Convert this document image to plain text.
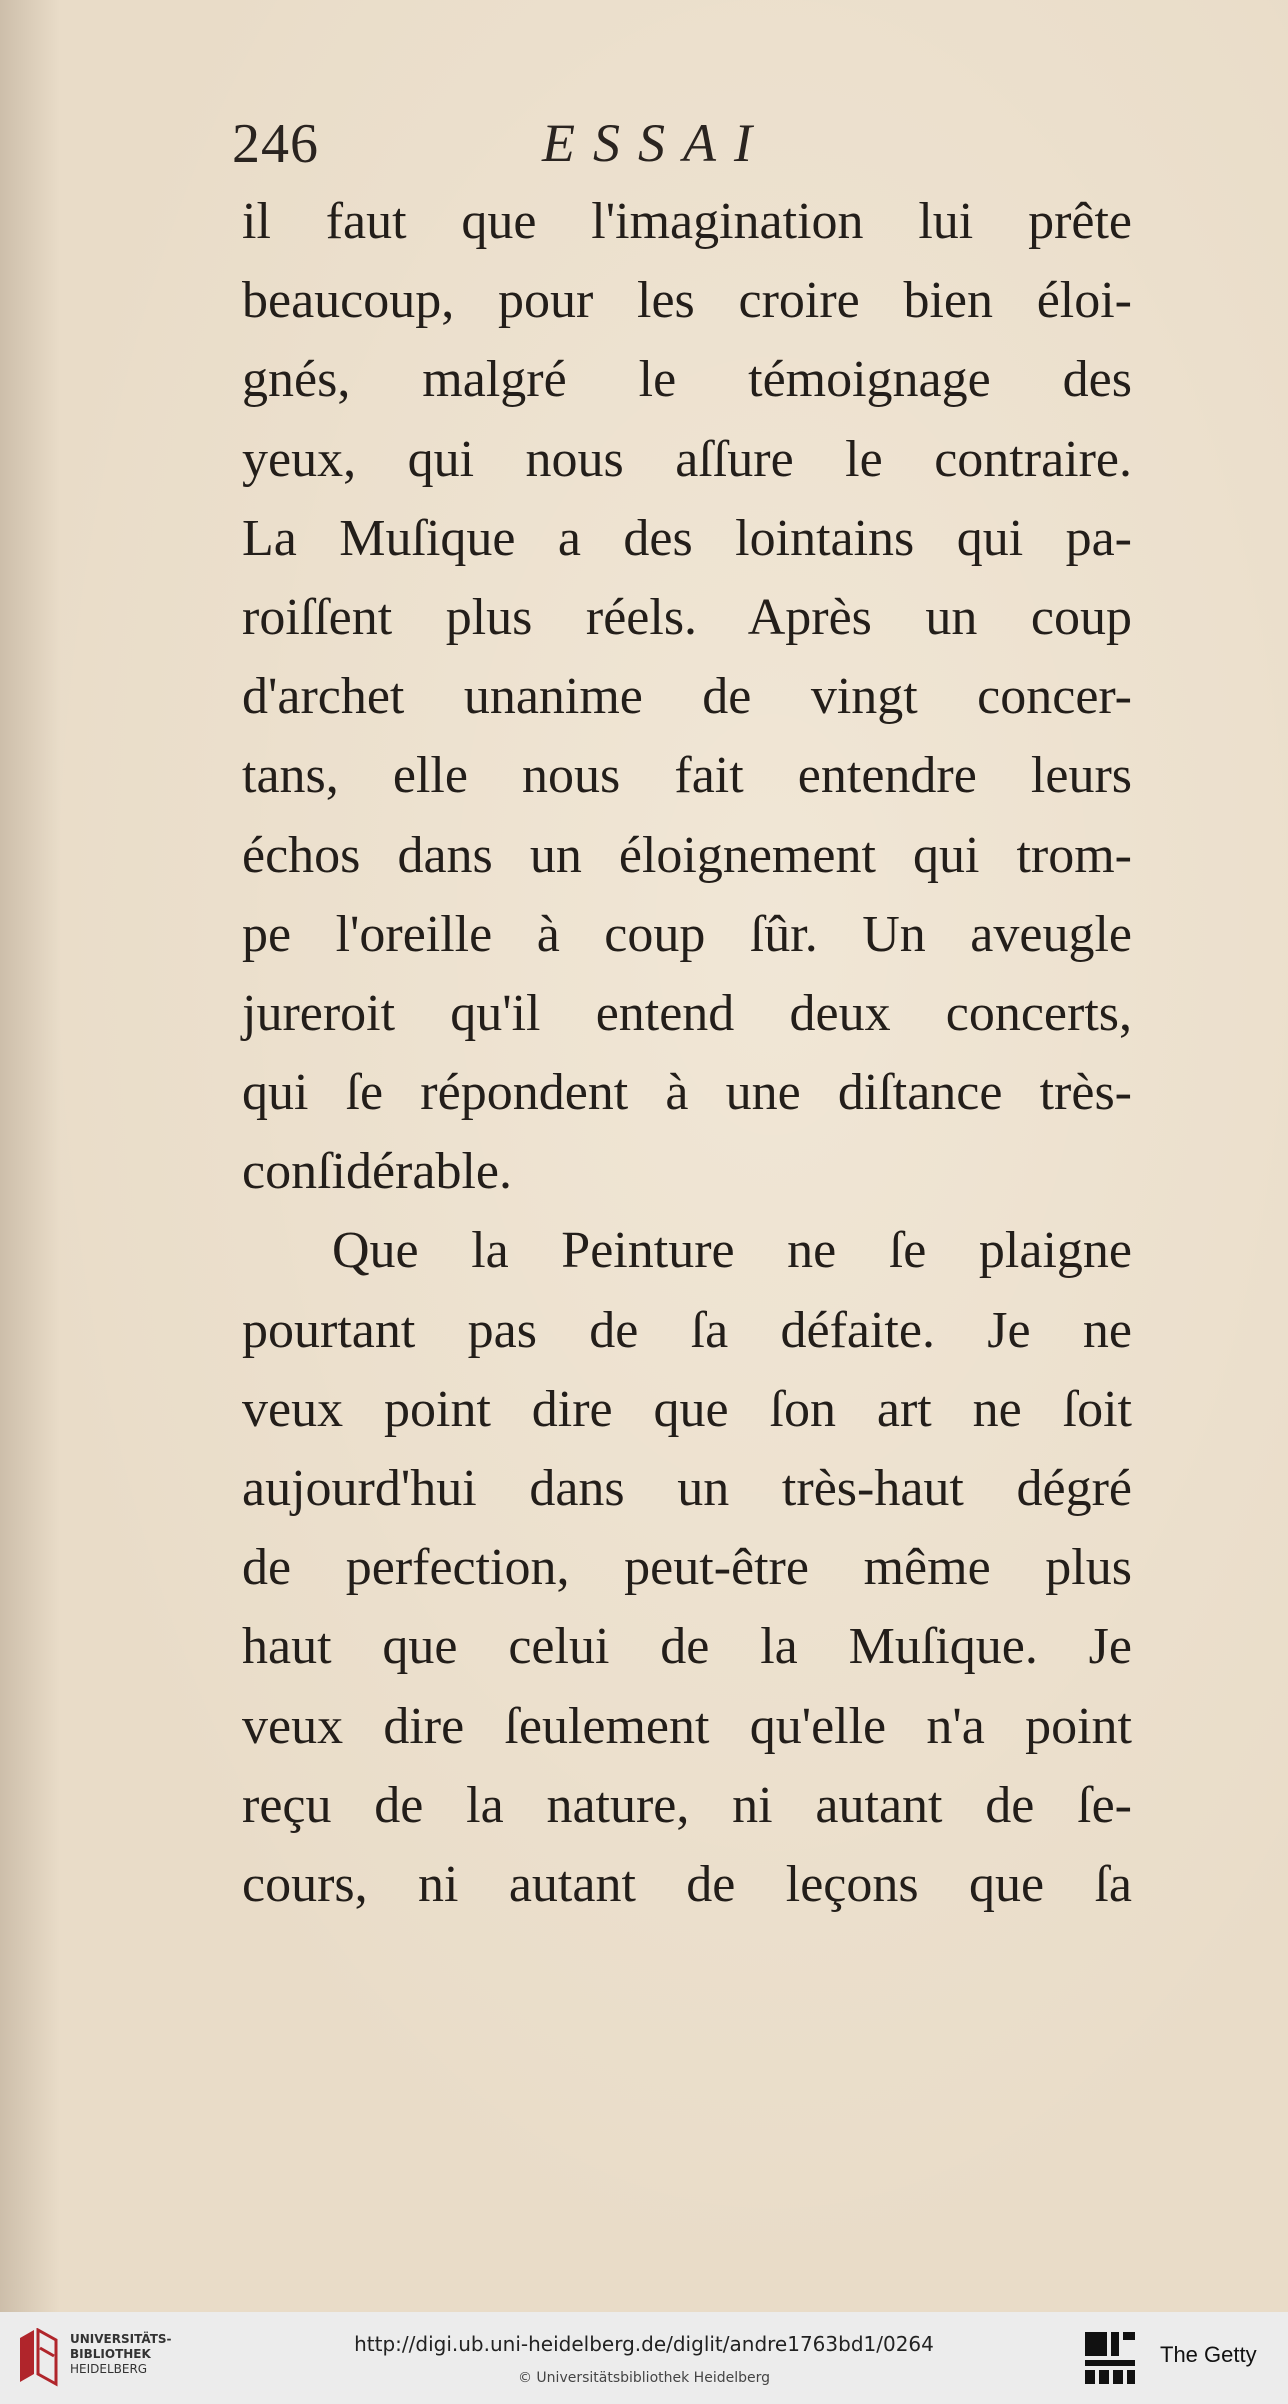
246	ESSAI
il faut que l'imagination lui prête
beaucoup, pour les croire bien éloi-
gnés, malgré le témoignage des
yeux, qui nous aſſure le contraire.
La Muſique a des lointains qui pa-
roiſſent plus réels. Après un coup
d'archet unanime de vingt concer-
tans, elle nous fait entendre leurs
échos dans un éloignement qui trom-
pe l'oreille à coup ſûr. Un aveugle
jureroit qu'il entend deux concerts,
qui ſe répondent à une diſtance très-
conſidérable.
Que la Peinture ne ſe plaigne
pourtant pas de ſa défaite. Je ne
veux point dire que ſon art ne ſoit
aujourd'hui dans un très-haut dégré
de perfection, peut-être même plus
haut que celui de la Muſique. Je
veux dire ſeulement qu'elle n'a point
reçu de la nature, ni autant de ſe-
cours, ni autant de leçons que ſa
UNIVERSITÄTS-
BIBLIOTHEK
HEIDELBERG
http://digi.ub.uni-heidelberg.de/diglit/andre1763bd1/0264
© Universitätsbibliothek Heidelberg
The Getty
